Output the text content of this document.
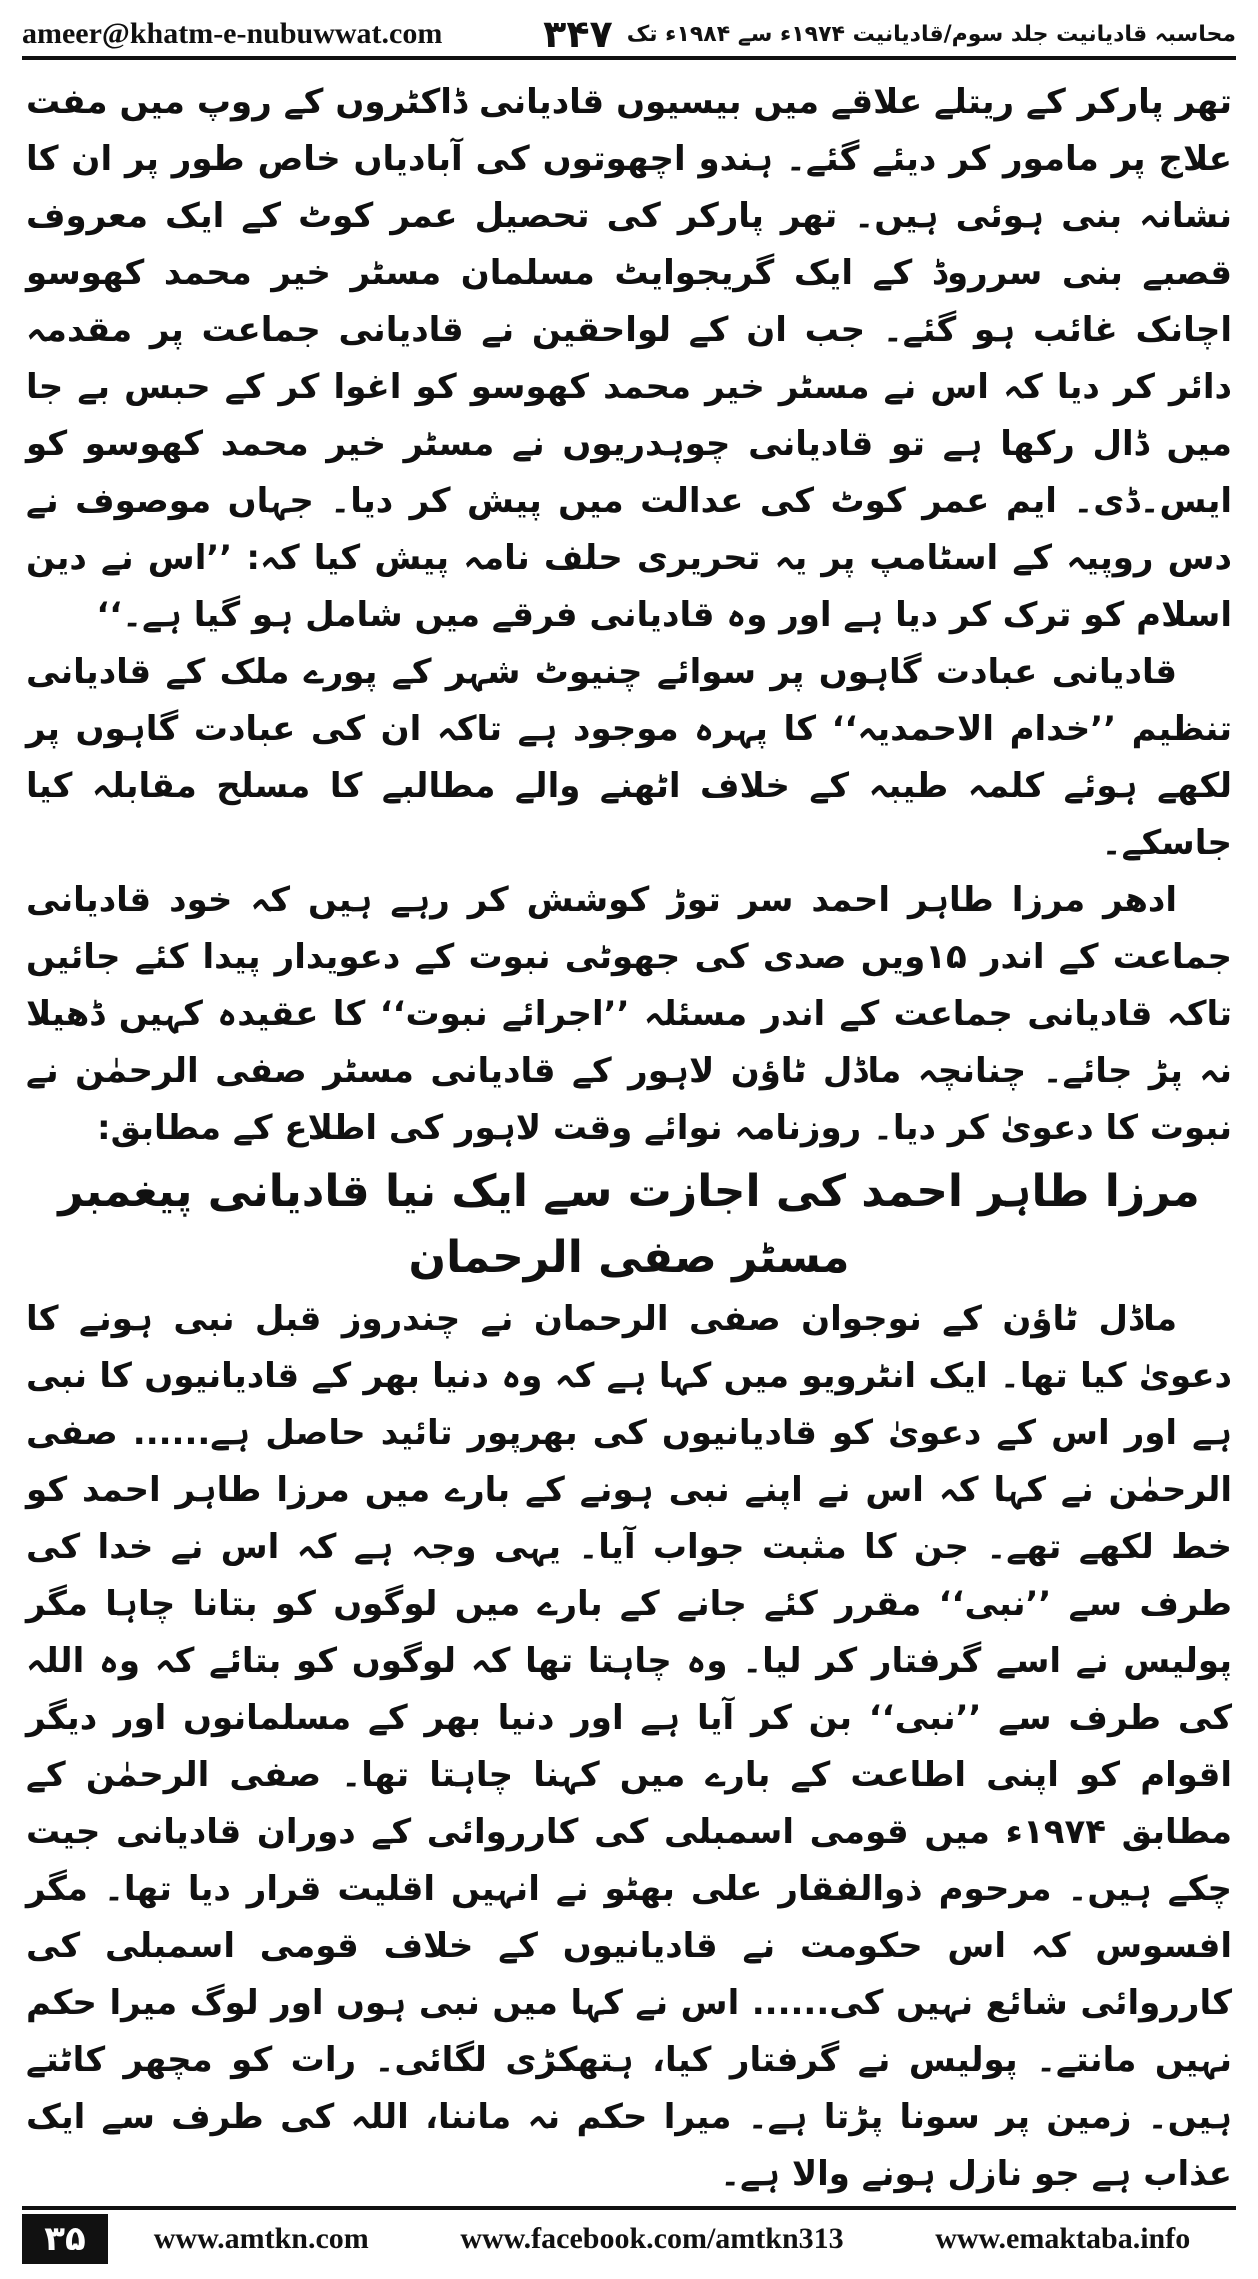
ameer@khatm-e-nubuwwat.com	محاسبہ قادیانیت جلد سوم/قادیانیت ۱۹۷۴ء سے ۱۹۸۴ء تک
۳۴۷

تھر پارکر کے ریتلے علاقے میں بیسیوں قادیانی ڈاکٹروں کے روپ میں مفت علاج پر مامور کر دیئے گئے۔ ہندو اچھوتوں کی آبادیاں خاص طور پر ان کا نشانہ بنی ہوئی ہیں۔ تھر پارکر کی تحصیل عمر کوٹ کے ایک معروف قصبے بنی سرروڈ کے ایک گریجوایٹ مسلمان مسٹر خیر محمد کھوسو اچانک غائب ہو گئے۔ جب ان کے لواحقین نے قادیانی جماعت پر مقدمہ دائر کر دیا کہ اس نے مسٹر خیر محمد کھوسو کو اغوا کر کے حبس بے جا میں ڈال رکھا ہے تو قادیانی چوہدریوں نے مسٹر خیر محمد کھوسو کو ایس۔ڈی۔ ایم عمر کوٹ کی عدالت میں پیش کر دیا۔ جہاں موصوف نے دس روپیہ کے اسٹامپ پر یہ تحریری حلف نامہ پیش کیا کہ: ’’اس نے دین اسلام کو ترک کر دیا ہے اور وہ قادیانی فرقے میں شامل ہو گیا ہے۔‘‘

قادیانی عبادت گاہوں پر سوائے چنیوٹ شہر کے پورے ملک کے قادیانی تنظیم ’’خدام الاحمدیہ‘‘ کا پہرہ موجود ہے تاکہ ان کی عبادت گاہوں پر لکھے ہوئے کلمہ طیبہ کے خلاف اٹھنے والے مطالبے کا مسلح مقابلہ کیا جاسکے۔

ادھر مرزا طاہر احمد سر توڑ کوشش کر رہے ہیں کہ خود قادیانی جماعت کے اندر ۱۵ویں صدی کی جھوٹی نبوت کے دعویدار پیدا کئے جائیں تاکہ قادیانی جماعت کے اندر مسئلہ ’’اجرائے نبوت‘‘ کا عقیدہ کہیں ڈھیلا نہ پڑ جائے۔ چنانچہ ماڈل ٹاؤن لاہور کے قادیانی مسٹر صفی الرحمٰن نے نبوت کا دعویٰ کر دیا۔ روزنامہ نوائے وقت لاہور کی اطلاع کے مطابق:

مرزا طاہر احمد کی اجازت سے ایک نیا قادیانی پیغمبر مسٹر صفی الرحمان

ماڈل ٹاؤن کے نوجوان صفی الرحمان نے چندروز قبل نبی ہونے کا دعویٰ کیا تھا۔ ایک انٹرویو میں کہا ہے کہ وہ دنیا بھر کے قادیانیوں کا نبی ہے اور اس کے دعویٰ کو قادیانیوں کی بھرپور تائید حاصل ہے...... صفی الرحمٰن نے کہا کہ اس نے اپنے نبی ہونے کے بارے میں مرزا طاہر احمد کو خط لکھے تھے۔ جن کا مثبت جواب آیا۔ یہی وجہ ہے کہ اس نے خدا کی طرف سے ’’نبی‘‘ مقرر کئے جانے کے بارے میں لوگوں کو بتانا چاہا مگر پولیس نے اسے گرفتار کر لیا۔ وہ چاہتا تھا کہ لوگوں کو بتائے کہ وہ اللہ کی طرف سے ’’نبی‘‘ بن کر آیا ہے اور دنیا بھر کے مسلمانوں اور دیگر اقوام کو اپنی اطاعت کے بارے میں کہنا چاہتا تھا۔ صفی الرحمٰن کے مطابق ۱۹۷۴ء میں قومی اسمبلی کی کارروائی کے دوران قادیانی جیت چکے ہیں۔ مرحوم ذوالفقار علی بھٹو نے انہیں اقلیت قرار دیا تھا۔ مگر افسوس کہ اس حکومت نے قادیانیوں کے خلاف قومی اسمبلی کی کارروائی شائع نہیں کی...... اس نے کہا میں نبی ہوں اور لوگ میرا حکم نہیں مانتے۔ پولیس نے گرفتار کیا، ہتھکڑی لگائی۔ رات کو مچھر کاٹتے ہیں۔ زمین پر سونا پڑتا ہے۔ میرا حکم نہ ماننا، اللہ کی طرف سے ایک عذاب ہے جو نازل ہونے والا ہے۔

۳۵	www.amtkn.com	www.facebook.com/amtkn313	www.emaktaba.info
